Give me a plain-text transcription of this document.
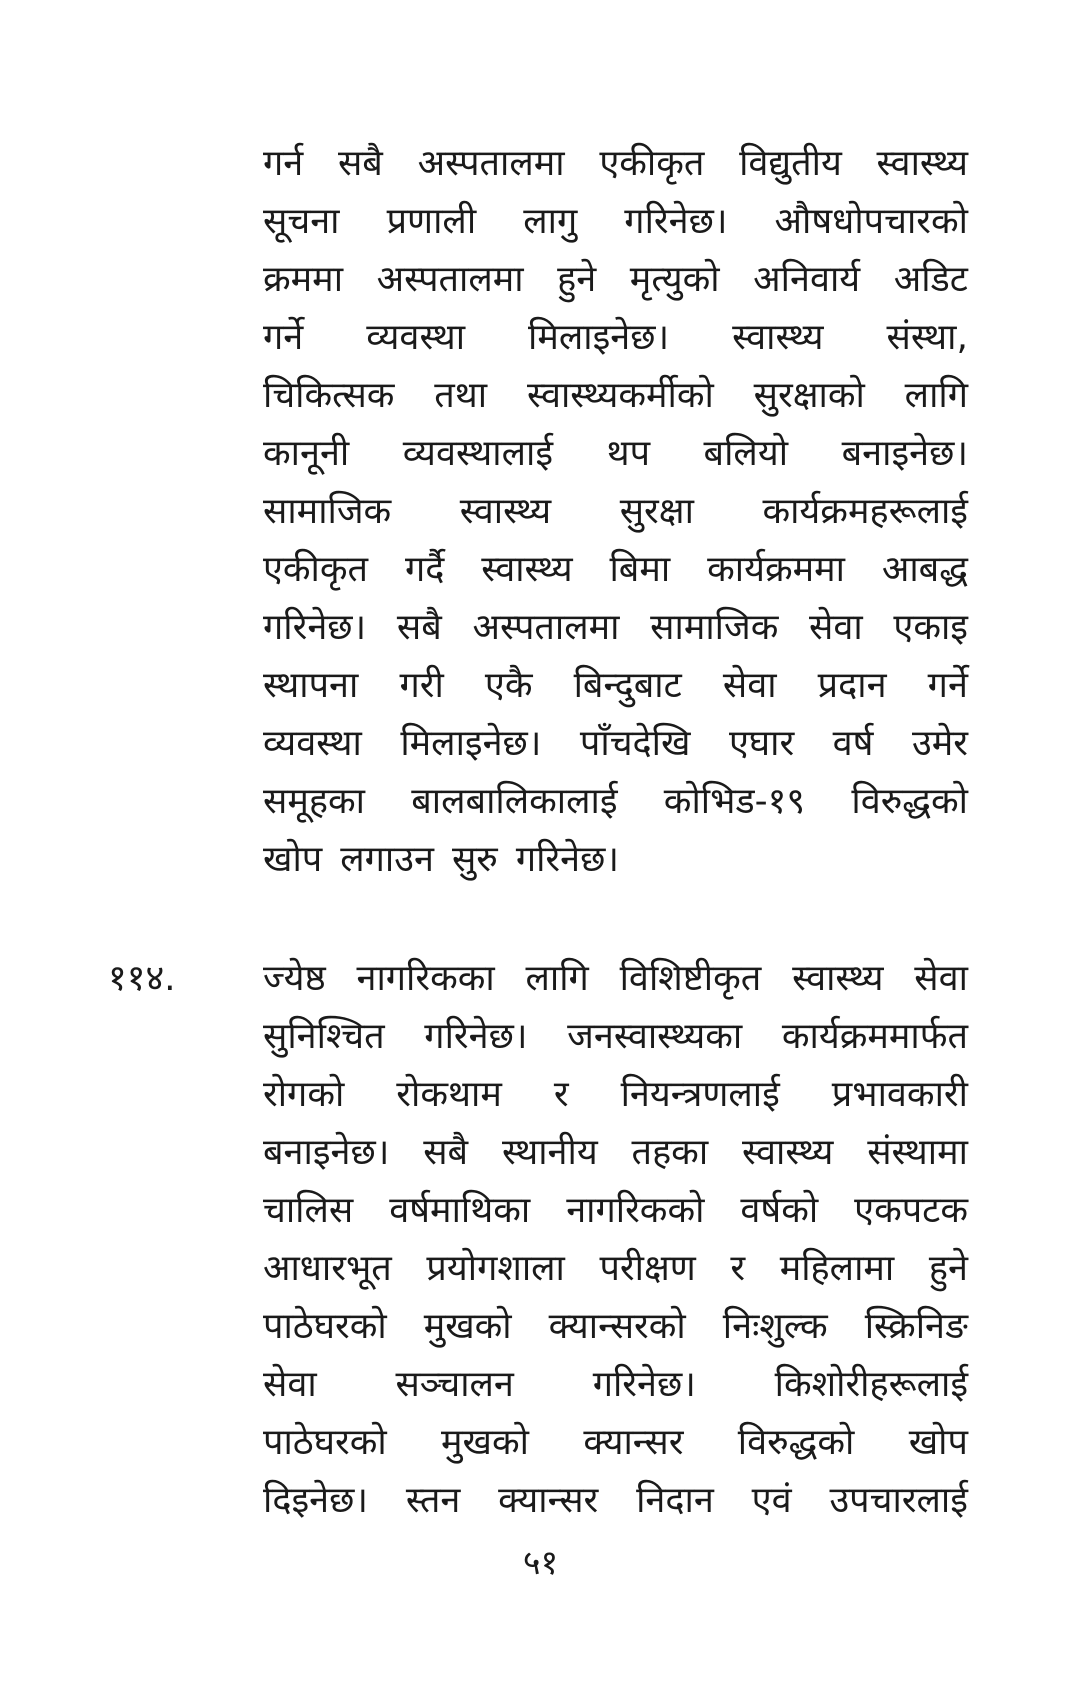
गर्न सबै अस्पतालमा एकीकृत विद्युतीय स्वास्थ्य
सूचना प्रणाली लागु गरिनेछ। औषधोपचारको
क्रममा अस्पतालमा हुने मृत्युको अनिवार्य अडिट
गर्ने व्यवस्था मिलाइनेछ। स्वास्थ्य संस्था,
चिकित्सक तथा स्वास्थ्यकर्मीको सुरक्षाको लागि
कानूनी व्यवस्थालाई थप बलियो बनाइनेछ।
सामाजिक स्वास्थ्य सुरक्षा कार्यक्रमहरूलाई
एकीकृत गर्दै स्वास्थ्य बिमा कार्यक्रममा आबद्ध
गरिनेछ। सबै अस्पतालमा सामाजिक सेवा एकाइ
स्थापना गरी एकै बिन्दुबाट सेवा प्रदान गर्ने
व्यवस्था मिलाइनेछ। पाँचदेखि एघार वर्ष उमेर
समूहका बालबालिकालाई कोभिड-१९ विरुद्धको
खोप लगाउन सुरु गरिनेछ।
११४. ज्येष्ठ नागरिकका लागि विशिष्टीकृत स्वास्थ्य सेवा
सुनिश्चित गरिनेछ। जनस्वास्थ्यका कार्यक्रममार्फत
रोगको रोकथाम र नियन्त्रणलाई प्रभावकारी
बनाइनेछ। सबै स्थानीय तहका स्वास्थ्य संस्थामा
चालिस वर्षमाथिका नागरिकको वर्षको एकपटक
आधारभूत प्रयोगशाला परीक्षण र महिलामा हुने
पाठेघरको मुखको क्यान्सरको निःशुल्क स्क्रिनिङ
सेवा सञ्चालन गरिनेछ। किशोरीहरूलाई
पाठेघरको मुखको क्यान्सर विरुद्धको खोप
दिइनेछ। स्तन क्यान्सर निदान एवं उपचारलाई
५१
